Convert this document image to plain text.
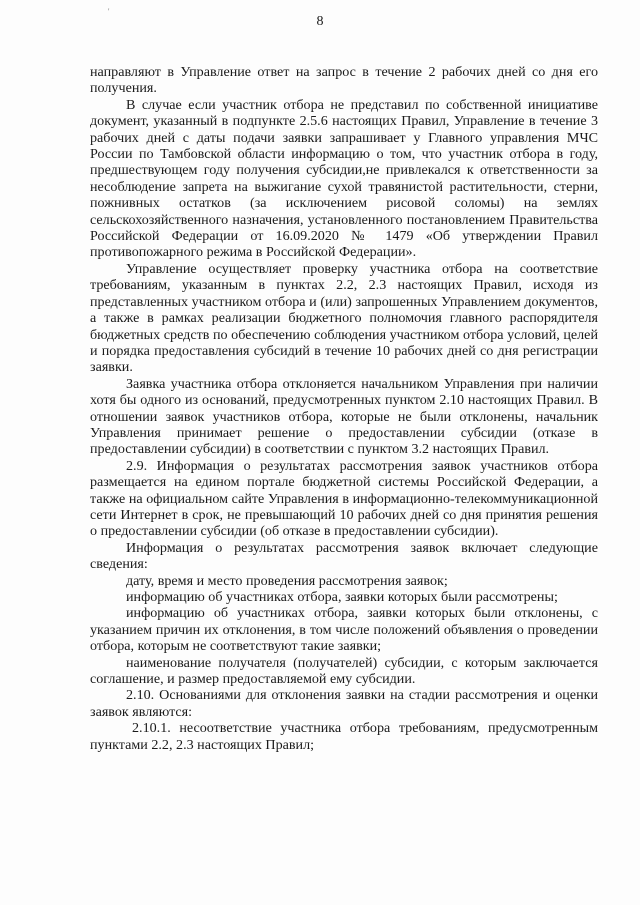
'
8

направляют в Управление ответ на запрос в течение 2 рабочих дней со дня его получения.

В случае если участник отбора не представил по собственной инициативе документ, указанный в подпункте 2.5.6 настоящих Правил, Управление в течение 3 рабочих дней с даты подачи заявки запрашивает у Главного управления МЧС России по Тамбовской области информацию о том, что участник отбора в году, предшествующем году получения субсидии,не привлекался к ответственности за несоблюдение запрета на выжигание сухой травянистой растительности, стерни, пожнивных остатков (за исключением рисовой соломы) на землях сельскохозяйственного назначения, установленного постановлением Правительства Российской Федерации от 16.09.2020 № 1479 «Об утверждении Правил противопожарного режима в Российской Федерации».

Управление осуществляет проверку участника отбора на соответствие требованиям, указанным в пунктах 2.2, 2.3 настоящих Правил, исходя из представленных участником отбора и (или) запрошенных Управлением документов, а также в рамках реализации бюджетного полномочия главного распорядителя бюджетных средств по обеспечению соблюдения участником отбора условий, целей и порядка предоставления субсидий в течение 10 рабочих дней со дня регистрации заявки.

Заявка участника отбора отклоняется начальником Управления при наличии хотя бы одного из оснований, предусмотренных пунктом 2.10 настоящих Правил. В отношении заявок участников отбора, которые не были отклонены, начальник Управления принимает решение о предоставлении субсидии (отказе в предоставлении субсидии) в соответствии с пунктом 3.2 настоящих Правил.

2.9. Информация о результатах рассмотрения заявок участников отбора размещается на едином портале бюджетной системы Российской Федерации, а также на официальном сайте Управления в информационно-телекоммуникационной сети Интернет в срок, не превышающий 10 рабочих дней со дня принятия решения о предоставлении субсидии (об отказе в предоставлении субсидии).

Информация о результатах рассмотрения заявок включает следующие сведения:

дату, время и место проведения рассмотрения заявок;

информацию об участниках отбора, заявки которых были рассмотрены;

информацию об участниках отбора, заявки которых были отклонены, с указанием причин их отклонения, в том числе положений объявления о проведении отбора, которым не соответствуют такие заявки;

наименование получателя (получателей) субсидии, с которым заключается соглашение, и размер предоставляемой ему субсидии.

2.10. Основаниями для отклонения заявки на стадии рассмотрения и оценки заявок являются:

2.10.1. несоответствие участника отбора требованиям, предусмотренным пунктами 2.2, 2.3 настоящих Правил;
